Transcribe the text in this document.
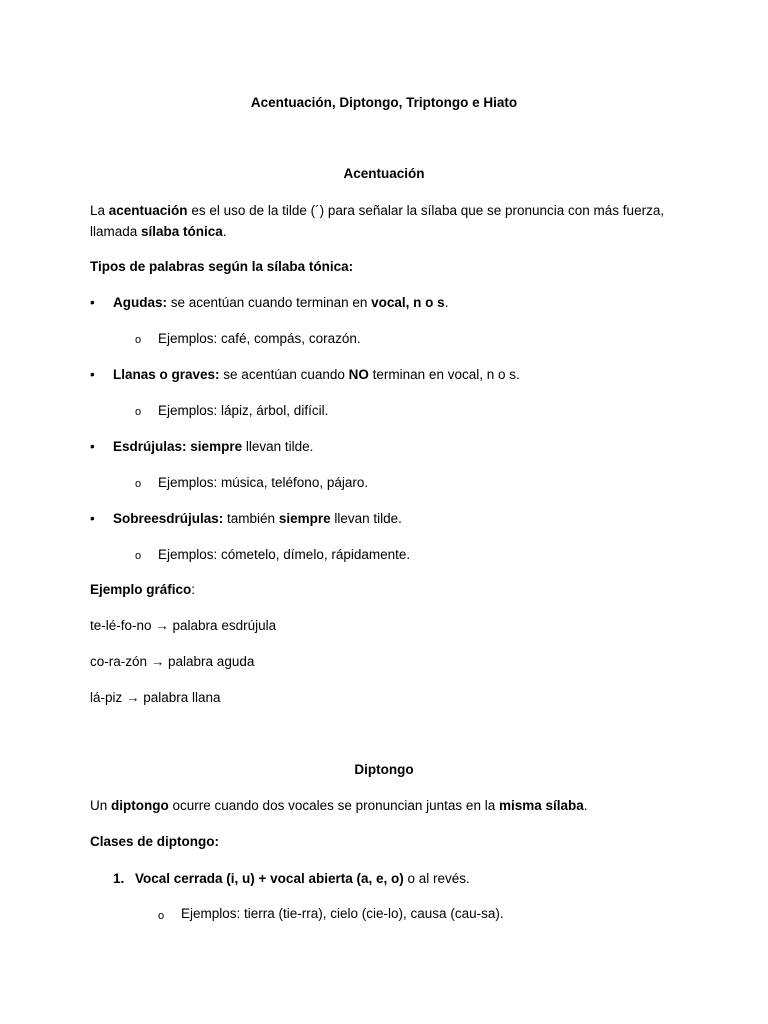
Acentuación, Diptongo, Triptongo e Hiato
Acentuación
La acentuación es el uso de la tilde (´) para señalar la sílaba que se pronuncia con más fuerza,
llamada sílaba tónica.
Tipos de palabras según la sílaba tónica:
•	Agudas: se acentúan cuando terminan en vocal, n o s.
o Ejemplos: café, compás, corazón.
•	Llanas o graves: se acentúan cuando NO terminan en vocal, n o s.
o Ejemplos: lápiz, árbol, difícil.
•	Esdrújulas: siempre llevan tilde.
o Ejemplos: música, teléfono, pájaro.
•	Sobreesdrújulas: también siempre llevan tilde.
o Ejemplos: cómetelo, dímelo, rápidamente.
Ejemplo gráfico:
te-lé-fo-no → palabra esdrújula
co-ra-zón → palabra aguda
lá-piz → palabra llana
Diptongo
Un diptongo ocurre cuando dos vocales se pronuncian juntas en la misma sílaba.
Clases de diptongo:
1. Vocal cerrada (i, u) + vocal abierta (a, e, o) o al revés.
o Ejemplos: tierra (tie-rra), cielo (cie-lo), causa (cau-sa).
